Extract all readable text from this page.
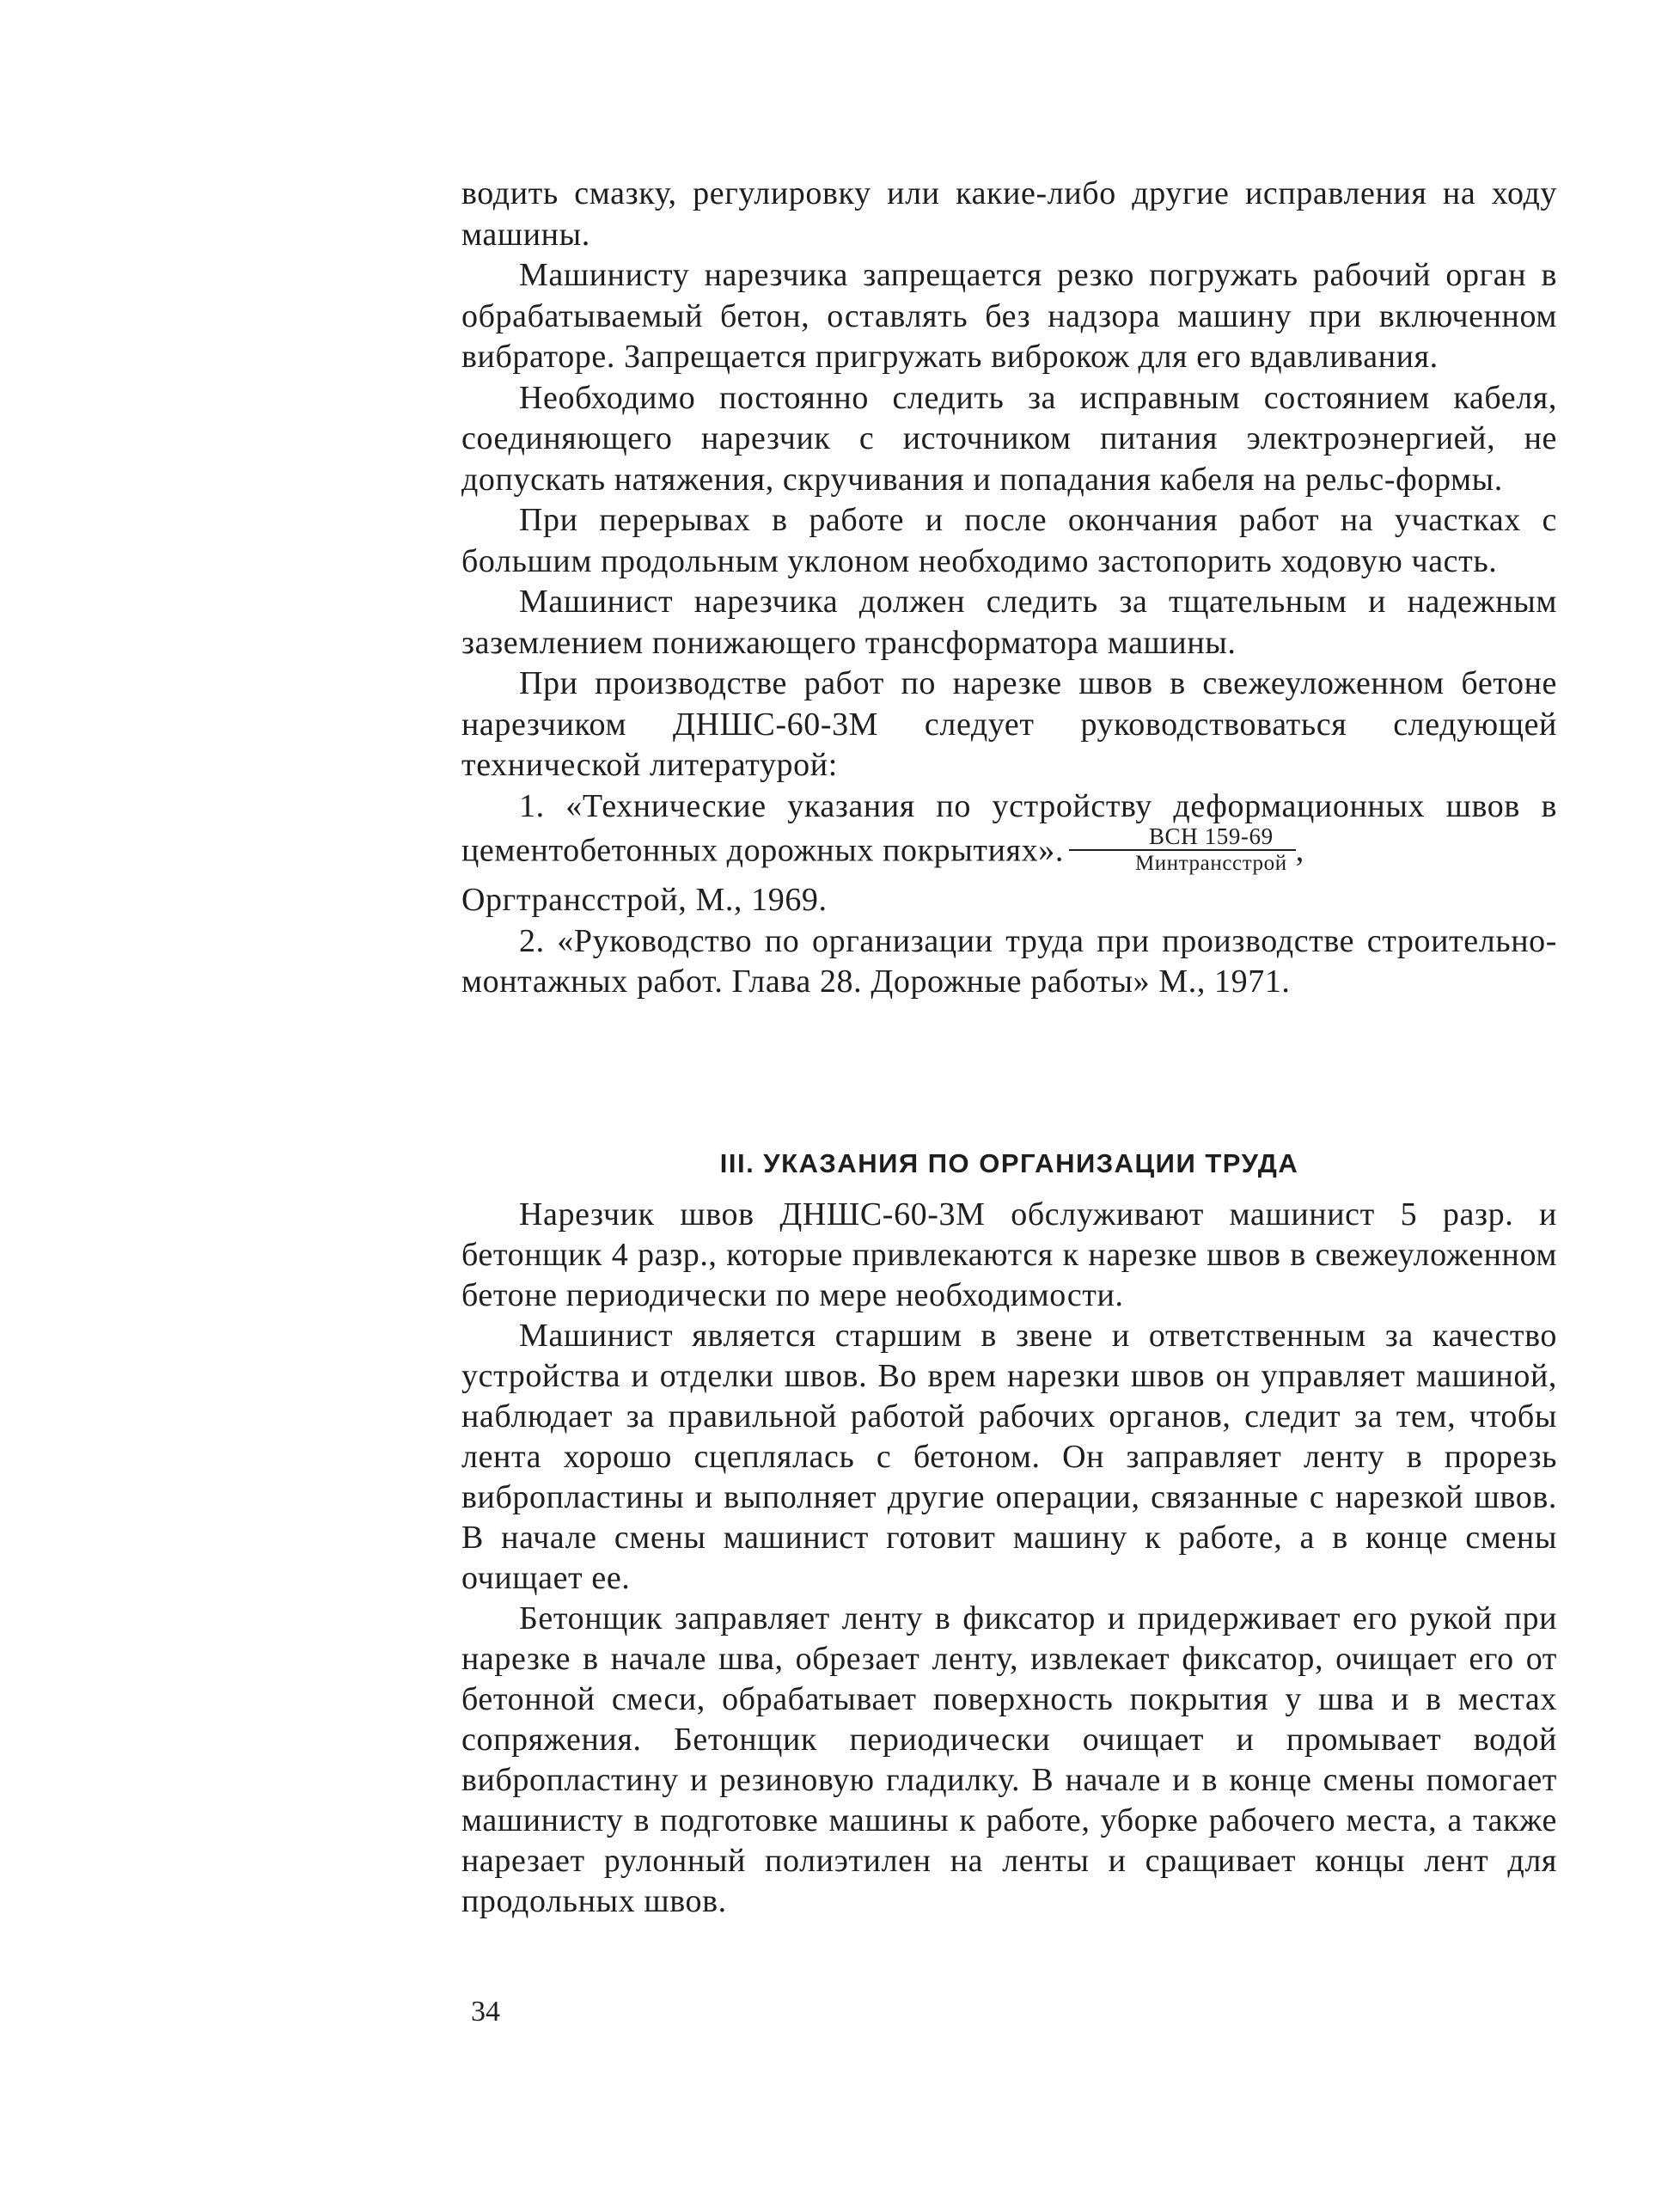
водить смазку, регулировку или какие-либо другие исправления на ходу машины.

Машинисту нарезчика запрещается резко погружать рабочий орган в обрабатываемый бетон, оставлять без надзора машину при включенном вибраторе. Запрещается пригружать виброкож для его вдавливания.

Необходимо постоянно следить за исправным состоянием кабеля, соединяющего нарезчик с источником питания электроэнергией, не допускать натяжения, скручивания и попадания кабеля на рельс-формы.

При перерывах в работе и после окончания работ на участках с большим продольным уклоном необходимо застопорить ходовую часть.

Машинист нарезчика должен следить за тщательным и надежным заземлением понижающего трансформатора машины.

При производстве работ по нарезке швов в свежеуложенном бетоне нарезчиком ДНШС-60-3М следует руководствоваться следующей технической литературой:

1. «Технические указания по устройству деформационных швов в цементобетонных дорожных покрытиях». $\frac{\text{ВСН 159-69}}{\text{Минтрансстрой}}$ ,

Оргтрансстрой, М., 1969.

2. «Руководство по организации труда при производстве строительно-монтажных работ. Глава 28. Дорожные работы» М., 1971.

III. УКАЗАНИЯ ПО ОРГАНИЗАЦИИ ТРУДА

Нарезчик швов ДНШС-60-3М обслуживают машинист 5 разр. и бетонщик 4 разр., которые привлекаются к нарезке швов в свежеуложенном бетоне периодически по мере необходимости.

Машинист является старшим в звене и ответственным за качество устройства и отделки швов. Во врем нарезки швов он управляет машиной, наблюдает за правильной работой рабочих органов, следит за тем, чтобы лента хорошо сцеплялась с бетоном. Он заправляет ленту в прорезь вибропластины и выполняет другие операции, связанные с нарезкой швов. В начале смены машинист готовит машину к работе, а в конце смены очищает ее.

Бетонщик заправляет ленту в фиксатор и придерживает его рукой при нарезке в начале шва, обрезает ленту, извлекает фиксатор, очищает его от бетонной смеси, обрабатывает поверхность покрытия у шва и в местах сопряжения. Бетонщик периодически очищает и промывает водой вибропластину и резиновую гладилку. В начале и в конце смены помогает машинисту в подготовке машины к работе, уборке рабочего места, а также нарезает рулонный полиэтилен на ленты и сращивает концы лент для продольных швов.

34
